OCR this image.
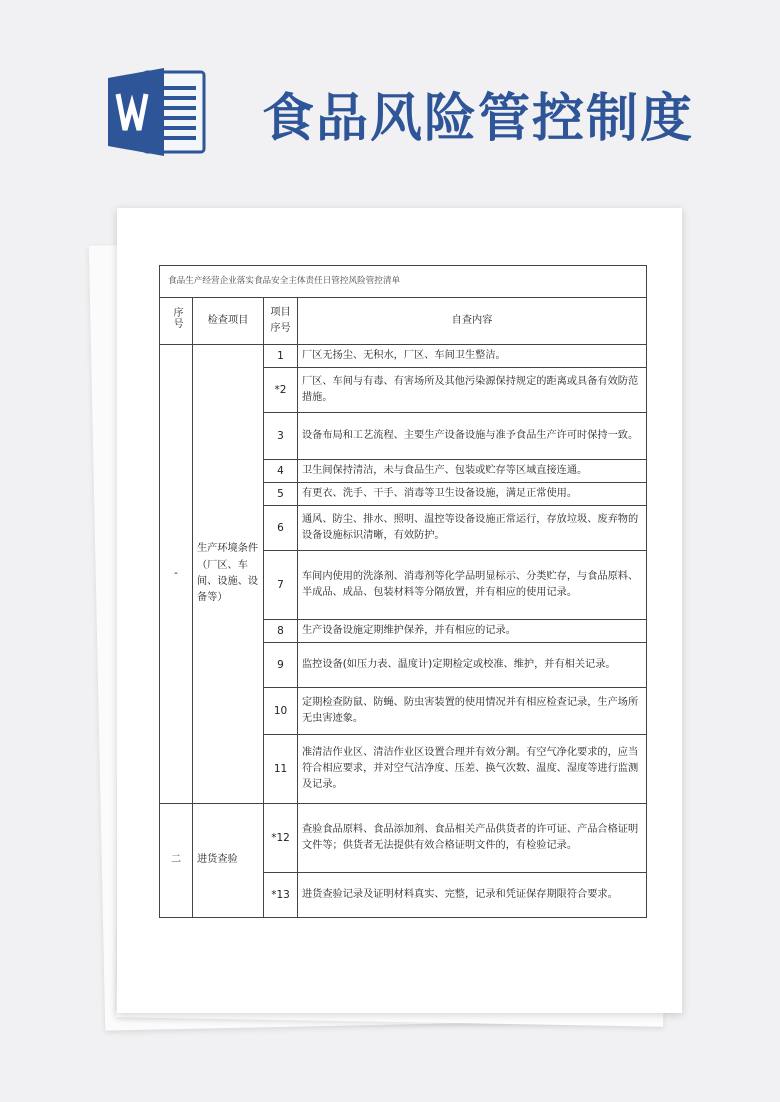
食品风险管控制度
食品生产经营企业落实食品安全主体责任日管控风险管控清单			
序号	检查项目	项目序号	自查内容
-	生产环境条件（厂区、车间、设施、设备等）	1	厂区无扬尘、无积水，厂区、车间卫生整洁。
		*2	厂区、车间与有毒、有害场所及其他污染源保持规定的距离或具备有效防范措施。
		3	设备布局和工艺流程、主要生产设备设施与准予食品生产许可时保持一致。
		4	卫生间保持清洁，未与食品生产、包装或贮存等区域直接连通。
		5	有更衣、洗手、干手、消毒等卫生设备设施，满足正常使用。
		6	通风、防尘、排水、照明、温控等设备设施正常运行，存放垃圾、废弃物的设备设施标识清晰，有效防护。
		7	车间内使用的洗涤剂、消毒剂等化学品明显标示、分类贮存，与食品原料、半成品、成品、包装材料等分隔放置，并有相应的使用记录。
		8	生产设备设施定期维护保养，并有相应的记录。
		9	监控设备(如压力表、温度计)定期检定或校准、维护，并有相关记录。
		10	定期检查防鼠、防蝇、防虫害装置的使用情况并有相应检查记录，生产场所无虫害迹象。
		11	准清洁作业区、清洁作业区设置合理并有效分割。有空气净化要求的，应当符合相应要求，并对空气洁净度、压差、换气次数、温度、湿度等进行监测及记录。
二	进货查验	*12	查验食品原料、食品添加剂、食品相关产品供货者的许可证、产品合格证明文件等；供货者无法提供有效合格证明文件的，有检验记录。
		*13	进货查验记录及证明材料真实、完整，记录和凭证保存期限符合要求。
